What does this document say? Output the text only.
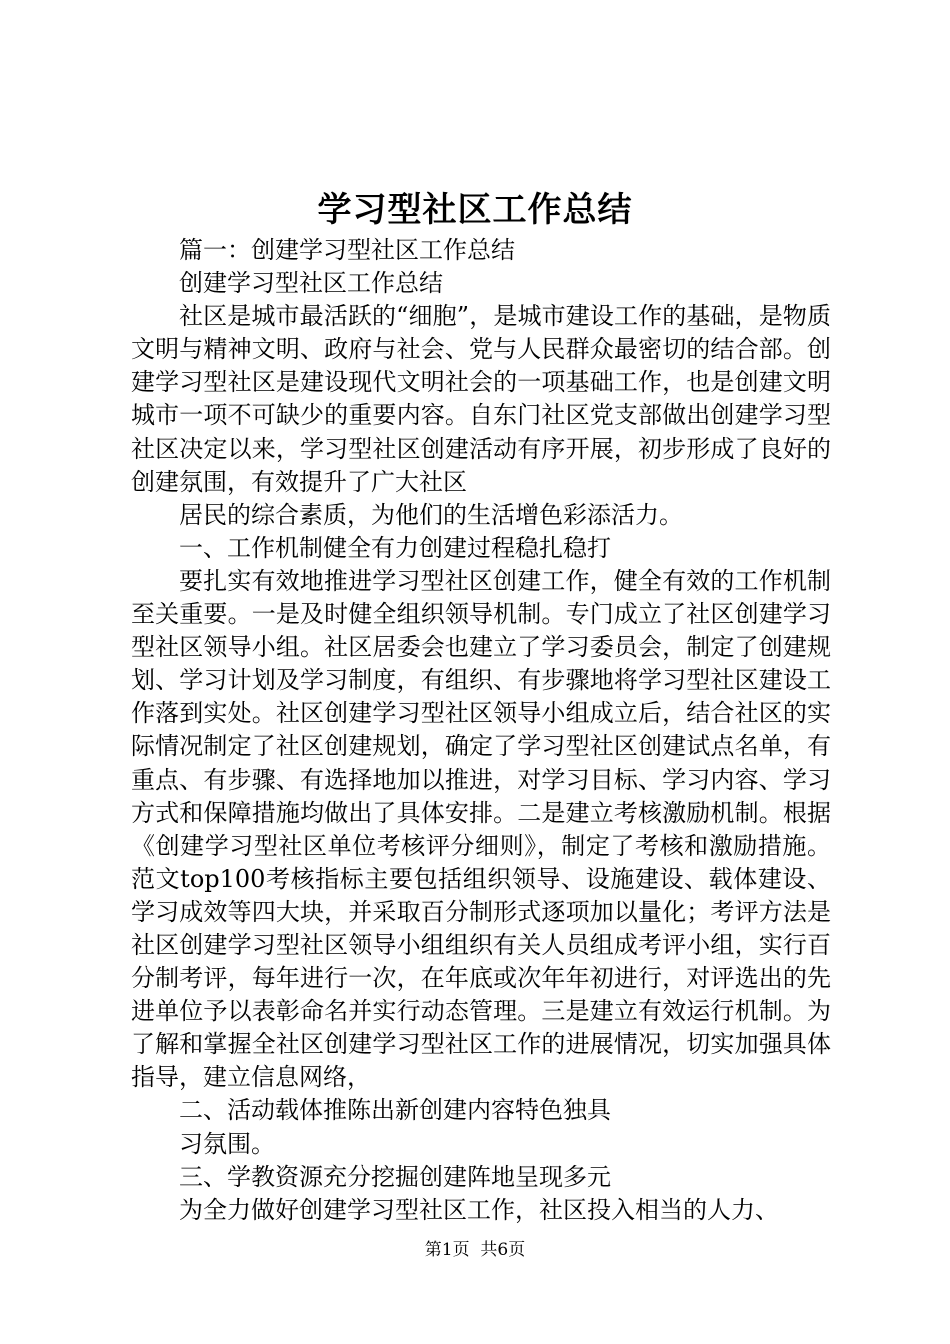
学习型社区工作总结

篇一：创建学习型社区工作总结

创建学习型社区工作总结

社区是城市最活跃的“细胞”，是城市建设工作的基础，是物质文明与精神文明、政府与社会、党与人民群众最密切的结合部。创建学习型社区是建设现代文明社会的一项基础工作，也是创建文明城市一项不可缺少的重要内容。自东门社区党支部做出创建学习型社区决定以来，学习型社区创建活动有序开展，初步形成了良好的创建氛围，有效提升了广大社区

居民的综合素质，为他们的生活增色彩添活力。

一、工作机制健全有力创建过程稳扎稳打

要扎实有效地推进学习型社区创建工作，健全有效的工作机制至关重要。一是及时健全组织领导机制。专门成立了社区创建学习型社区领导小组。社区居委会也建立了学习委员会，制定了创建规划、学习计划及学习制度，有组织、有步骤地将学习型社区建设工作落到实处。社区创建学习型社区领导小组成立后，结合社区的实际情况制定了社区创建规划，确定了学习型社区创建试点名单，有重点、有步骤、有选择地加以推进，对学习目标、学习内容、学习方式和保障措施均做出了具体安排。二是建立考核激励机制。根据《创建学习型社区单位考核评分细则》，制定了考核和激励措施。范文top100考核指标主要包括组织领导、设施建设、载体建设、学习成效等四大块，并采取百分制形式逐项加以量化；考评方法是社区创建学习型社区领导小组组织有关人员组成考评小组，实行百分制考评，每年进行一次，在年底或次年年初进行，对评选出的先进单位予以表彰命名并实行动态管理。三是建立有效运行机制。为了解和掌握全社区创建学习型社区工作的进展情况，切实加强具体指导，建立信息网络，

二、活动载体推陈出新创建内容特色独具

习氛围。

三、学教资源充分挖掘创建阵地呈现多元

为全力做好创建学习型社区工作，社区投入相当的人力、

第1页  共6页
